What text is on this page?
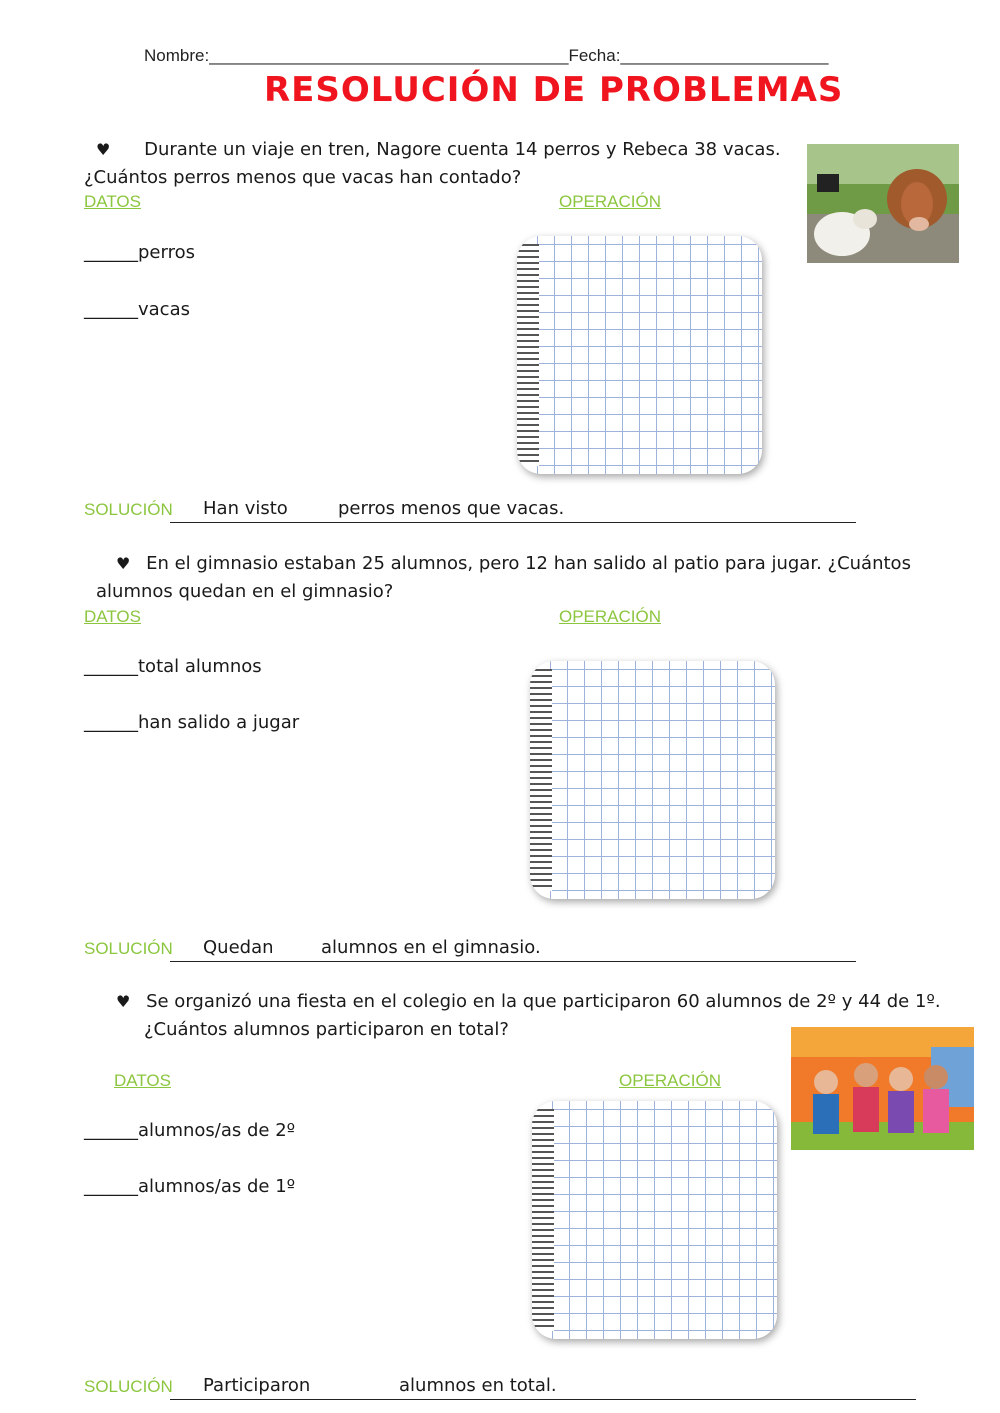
Nombre:______________________________________Fecha:______________________
RESOLUCIÓN DE PROBLEMAS
♥ Durante un viaje en tren, Nagore cuenta 14 perros y Rebeca 38 vacas.
¿Cuántos perros menos que vacas han contado?
DATOS	OPERACIÓN
______perros
______vacas
SOLUCIÓN Han visto	perros menos que vacas.
♥ En el gimnasio estaban 25 alumnos, pero 12 han salido al patio para jugar. ¿Cuántos
alumnos quedan en el gimnasio?
DATOS	OPERACIÓN
______total alumnos
______han salido a jugar
SOLUCIÓN Quedan	alumnos en el gimnasio.
♥ Se organizó una fiesta en el colegio en la que participaron 60 alumnos de 2º y 44 de 1º.
¿Cuántos alumnos participaron en total?
DATOS	OPERACIÓN
______alumnos/as de 2º
______alumnos/as de 1º
SOLUCIÓN Participaron	alumnos en total.
